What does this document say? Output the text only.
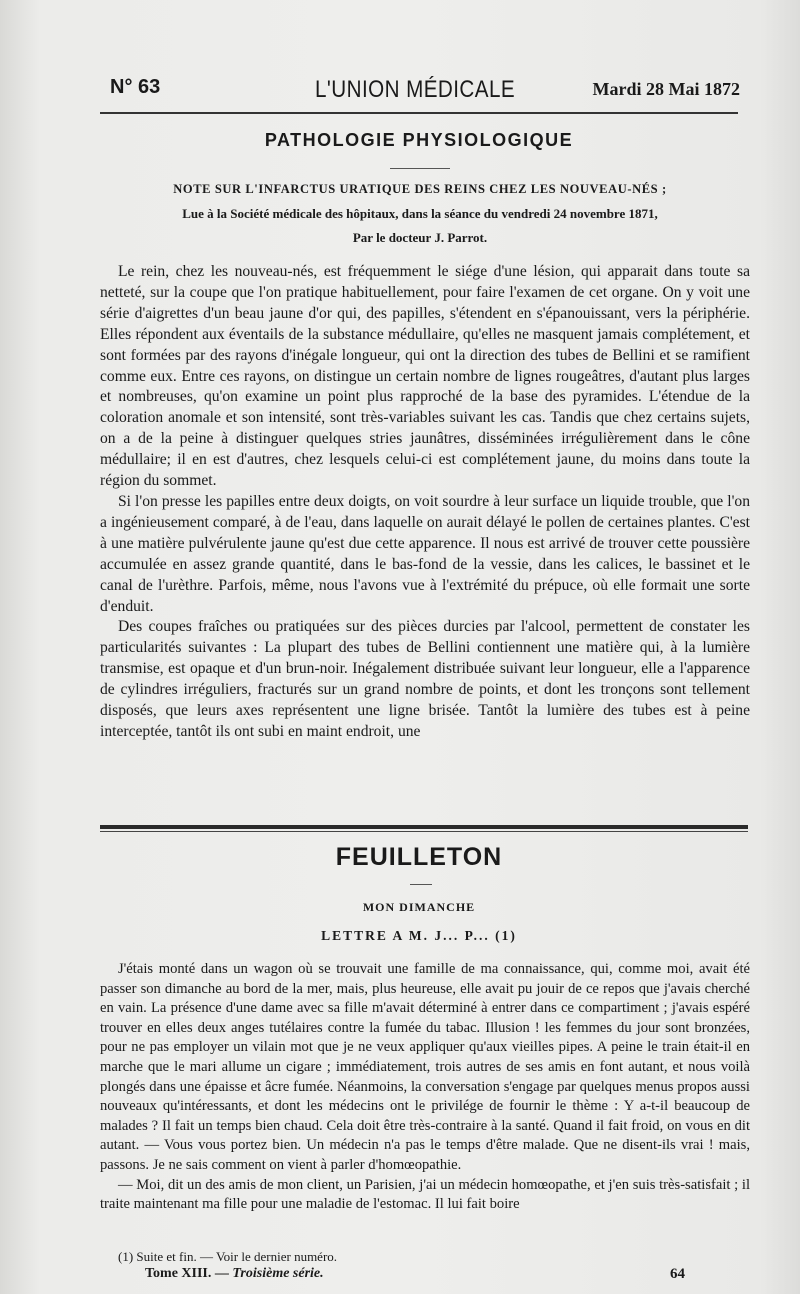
N° 63	L'UNION MÉDICALE	Mardi 28 Mai 1872
PATHOLOGIE PHYSIOLOGIQUE
NOTE SUR L'INFARCTUS URATIQUE DES REINS CHEZ LES NOUVEAU-NÉS ;
Lue à la Société médicale des hôpitaux, dans la séance du vendredi 24 novembre 1871,
Par le docteur J. Parrot.

Le rein, chez les nouveau-nés, est fréquemment le siége d'une lésion, qui apparait dans toute sa netteté, sur la coupe que l'on pratique habituellement, pour faire l'examen de cet organe. On y voit une série d'aigrettes d'un beau jaune d'or qui, des papilles, s'étendent en s'épanouissant, vers la périphérie. Elles répondent aux éventails de la substance médullaire, qu'elles ne masquent jamais complétement, et sont formées par des rayons d'inégale longueur, qui ont la direction des tubes de Bellini et se ramifient comme eux. Entre ces rayons, on distingue un certain nombre de lignes rougeâtres, d'autant plus larges et nombreuses, qu'on examine un point plus rapproché de la base des pyramides. L'étendue de la coloration anomale et son intensité, sont très-variables suivant les cas. Tandis que chez certains sujets, on a de la peine à distinguer quelques stries jaunâtres, disséminées irrégulièrement dans le cône médullaire; il en est d'autres, chez lesquels celui-ci est complétement jaune, du moins dans toute la région du sommet.

Si l'on presse les papilles entre deux doigts, on voit sourdre à leur surface un liquide trouble, que l'on a ingénieusement comparé, à de l'eau, dans laquelle on aurait délayé le pollen de certaines plantes. C'est à une matière pulvérulente jaune qu'est due cette apparence. Il nous est arrivé de trouver cette poussière accumulée en assez grande quantité, dans le bas-fond de la vessie, dans les calices, le bassinet et le canal de l'urèthre. Parfois, même, nous l'avons vue à l'extrémité du prépuce, où elle formait une sorte d'enduit.

Des coupes fraîches ou pratiquées sur des pièces durcies par l'alcool, permettent de constater les particularités suivantes : La plupart des tubes de Bellini contiennent une matière qui, à la lumière transmise, est opaque et d'un brun-noir. Inégalement distribuée suivant leur longueur, elle a l'apparence de cylindres irréguliers, fracturés sur un grand nombre de points, et dont les tronçons sont tellement disposés, que leurs axes représentent une ligne brisée. Tantôt la lumière des tubes est à peine interceptée, tantôt ils ont subi en maint endroit, une

FEUILLETON
MON DIMANCHE
LETTRE A M. J... P... (1)

J'étais monté dans un wagon où se trouvait une famille de ma connaissance, qui, comme moi, avait été passer son dimanche au bord de la mer, mais, plus heureuse, elle avait pu jouir de ce repos que j'avais cherché en vain. La présence d'une dame avec sa fille m'avait déterminé à entrer dans ce compartiment ; j'avais espéré trouver en elles deux anges tutélaires contre la fumée du tabac. Illusion ! les femmes du jour sont bronzées, pour ne pas employer un vilain mot que je ne veux appliquer qu'aux vieilles pipes. A peine le train était-il en marche que le mari allume un cigare ; immédiatement, trois autres de ses amis en font autant, et nous voilà plongés dans une épaisse et âcre fumée. Néanmoins, la conversation s'engage par quelques menus propos aussi nouveaux qu'intéressants, et dont les médecins ont le privilége de fournir le thème : Y a-t-il beaucoup de malades ? Il fait un temps bien chaud. Cela doit être très-contraire à la santé. Quand il fait froid, on vous en dit autant. — Vous vous portez bien. Un médecin n'a pas le temps d'être malade. Que ne disent-ils vrai ! mais, passons. Je ne sais comment on vient à parler d'homœopathie.

— Moi, dit un des amis de mon client, un Parisien, j'ai un médecin homœopathe, et j'en suis très-satisfait ; il traite maintenant ma fille pour une maladie de l'estomac. Il lui fait boire

(1) Suite et fin. — Voir le dernier numéro.
Tome XIII. — Troisième série.	64
